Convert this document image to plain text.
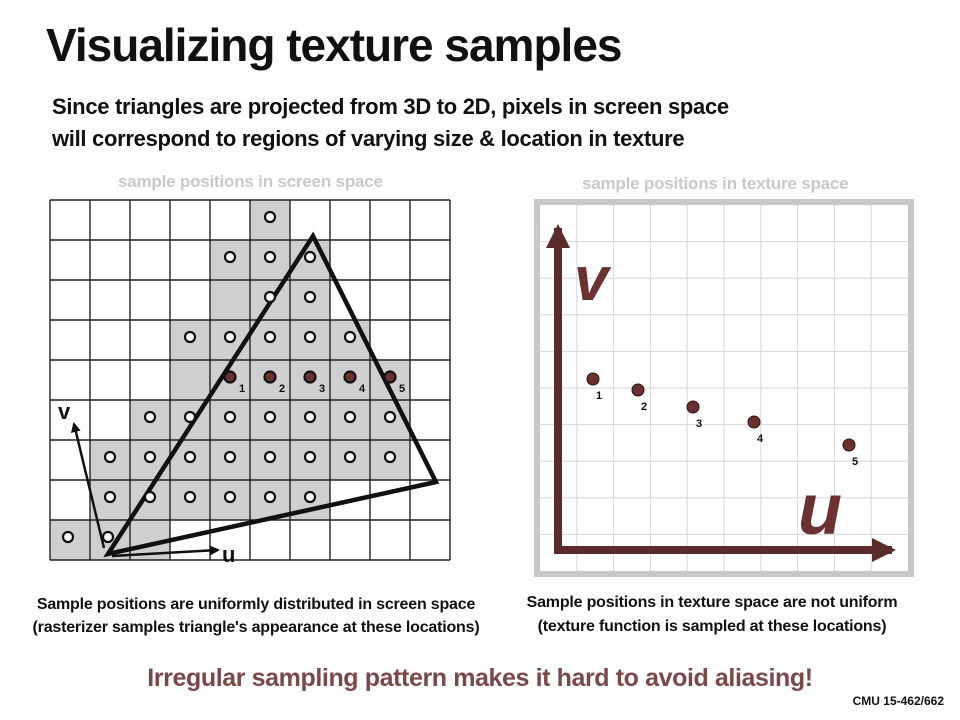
Visualizing texture samples

Since triangles are projected from 3D to 2D, pixels in screen space

will correspond to regions of varying size & location in texture

sample positions in screen space	sample positions in texture space
1	2	3	4	5
v
u
v
u
1
2
3
4
5

Sample positions are uniformly distributed in screen space

(rasterizer samples triangle's appearance at these locations)

Sample positions in texture space are not uniform

(texture function is sampled at these locations)

Irregular sampling pattern makes it hard to avoid aliasing!

CMU 15-462/662
